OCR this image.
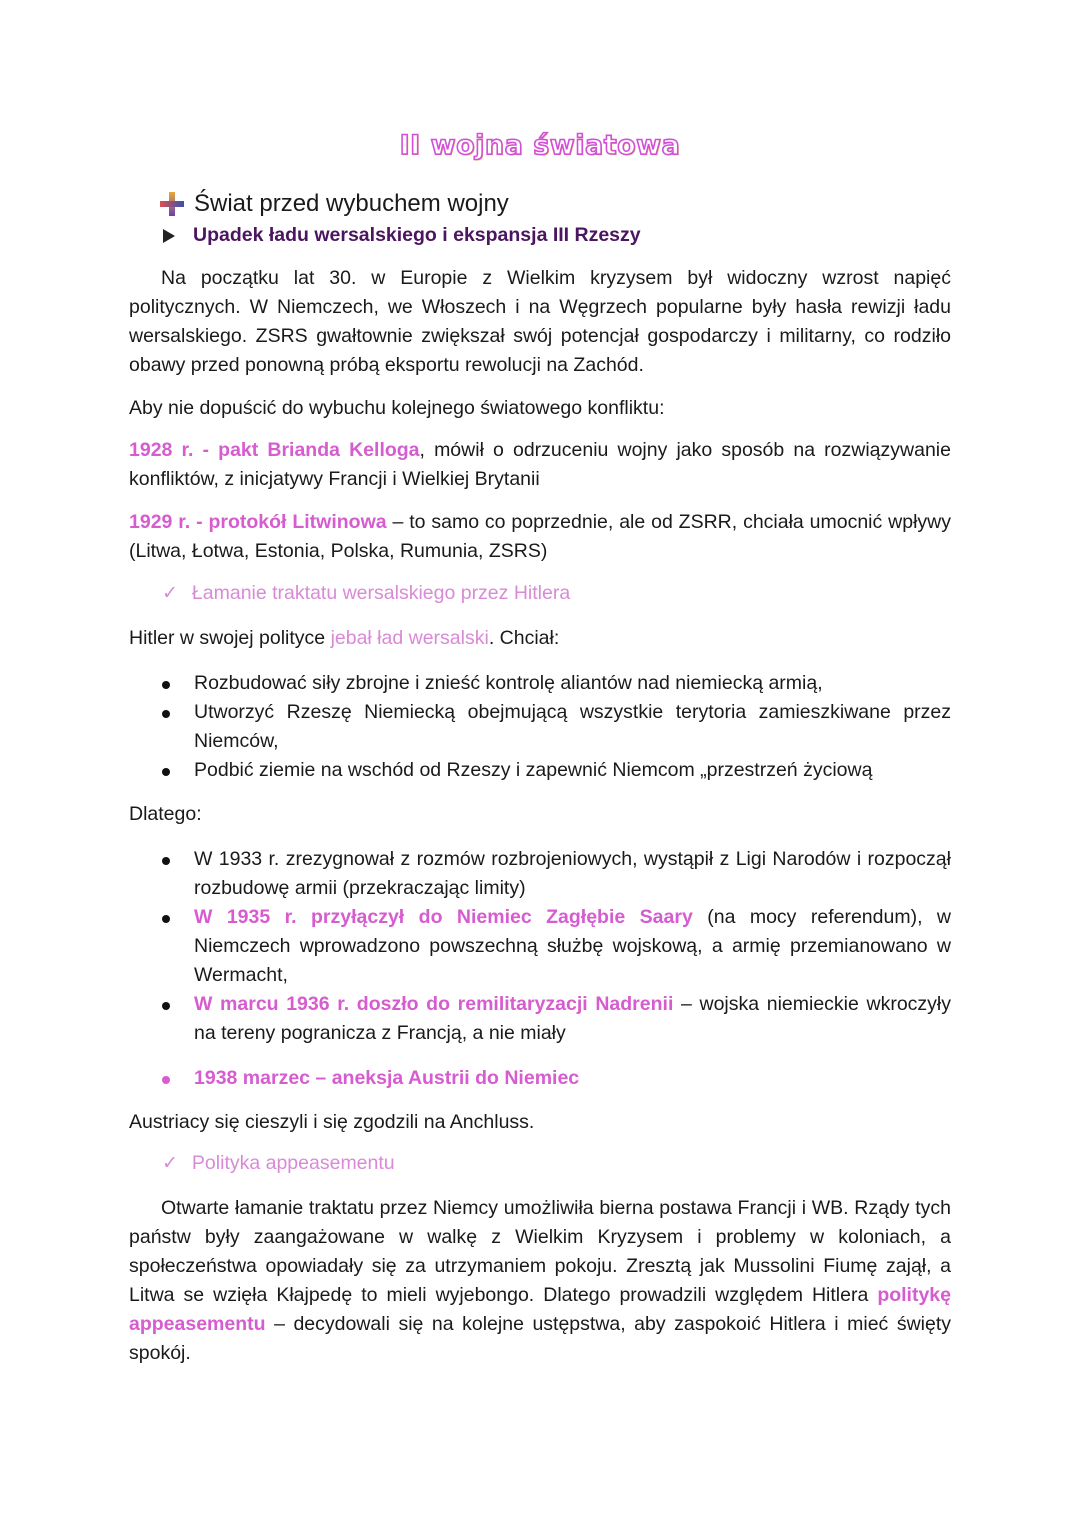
II wojna światowa
Świat przed wybuchem wojny
Upadek ładu wersalskiego i ekspansja III Rzeszy
Na początku lat 30. w Europie z Wielkim kryzysem był widoczny wzrost napięć politycznych. W Niemczech, we Włoszech i na Węgrzech popularne były hasła rewizji ładu wersalskiego. ZSRS gwałtownie zwiększał swój potencjał gospodarczy i militarny, co rodziło obawy przed ponowną próbą eksportu rewolucji na Zachód.
Aby nie dopuścić do wybuchu kolejnego światowego konfliktu:
1928 r. - pakt Brianda Kelloga, mówił o odrzuceniu wojny jako sposób na rozwiązywanie konfliktów, z inicjatywy Francji i Wielkiej Brytanii
1929 r. - protokół Litwinowa – to samo co poprzednie, ale od ZSRR, chciała umocnić wpływy (Litwa, Łotwa, Estonia, Polska, Rumunia, ZSRS)
✓ Łamanie traktatu wersalskiego przez Hitlera
Hitler w swojej polityce jebał ład wersalski. Chciał:

Rozbudować siły zbrojne i znieść kontrolę aliantów nad niemiecką armią,

Utworzyć Rzeszę Niemiecką obejmującą wszystkie terytoria zamieszkiwane przez Niemców,

Podbić ziemie na wschód od Rzeszy i zapewnić Niemcom „przestrzeń życiową

Dlatego:

W 1933 r. zrezygnował z rozmów rozbrojeniowych, wystąpił z Ligi Narodów i rozpoczął rozbudowę armii (przekraczając limity)

W 1935 r. przyłączył do Niemiec Zagłębie Saary (na mocy referendum), w Niemczech wprowadzono powszechną służbę wojskową, a armię przemianowano w Wermacht,

W marcu 1936 r. doszło do remilitaryzacji Nadrenii – wojska niemieckie wkroczyły na tereny pogranicza z Francją, a nie miały

1938 marzec – aneksja Austrii do Niemiec

Austriacy się cieszyli i się zgodzili na Anchluss.
✓ Polityka appeasementu
Otwarte łamanie traktatu przez Niemcy umożliwiła bierna postawa Francji i WB. Rządy tych państw były zaangażowane w walkę z Wielkim Kryzysem i problemy w koloniach, a społeczeństwa opowiadały się za utrzymaniem pokoju. Zresztą jak Mussolini Fiumę zajął, a Litwa se wzięła Kłajpedę to mieli wyjebongo. Dlatego prowadzili względem Hitlera politykę appeasementu – decydowali się na kolejne ustępstwa, aby zaspokoić Hitlera i mieć święty spokój.
